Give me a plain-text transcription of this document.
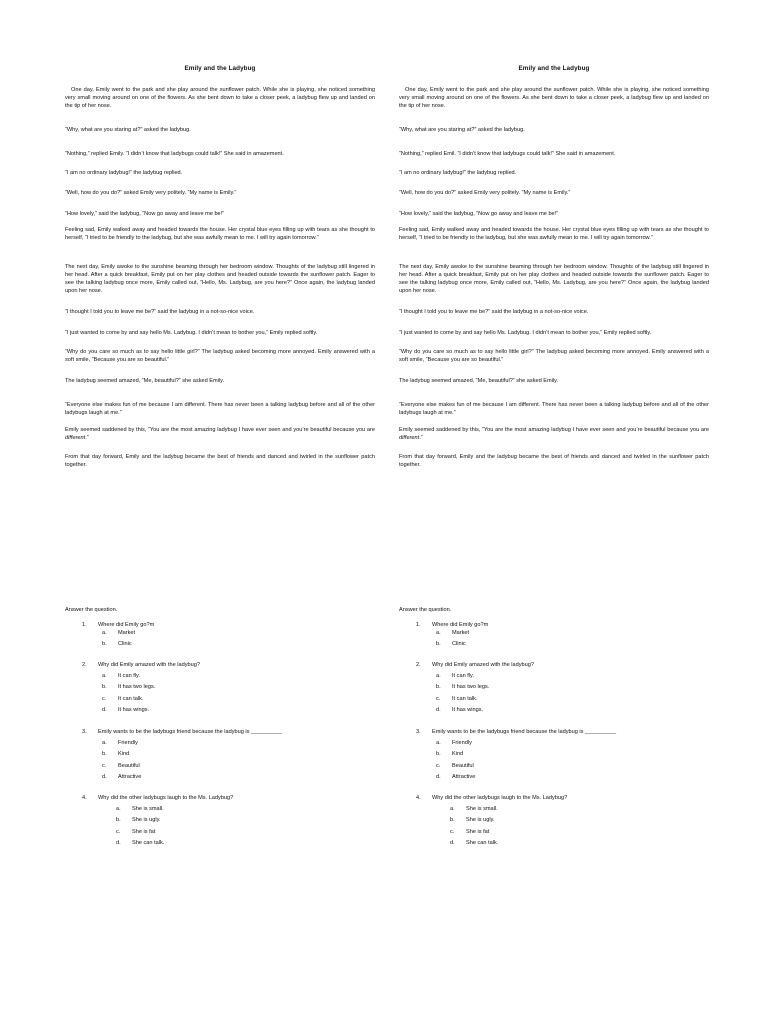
Emily and the Ladybug

One day, Emily went to the park and she play around the sunflower patch. While she is playing, she noticed something very small moving around on one of the flowers. As she bent down to take a closer peek, a ladybug flew up and landed on the tip of her nose.

“Why, what are you staring at?” asked the ladybug.

“Nothing,” replied Emily. “I didn’t know that ladybugs could talk!” She said in amazement.

“I am no ordinary ladybug!” the ladybug replied.

“Well, how do you do?” asked Emily very politely. “My name is Emily.”

“How lovely,” said the ladybug, “Now go away and leave me be!”

Feeling sad, Emily walked away and headed towards the house. Her crystal blue eyes filling up with tears as she thought to herself, “I tried to be friendly to the ladybug, but she was awfully mean to me. I will try again tomorrow.”

The next day, Emily awoke to the sunshine beaming through her bedroom window. Thoughts of the ladybug still lingered in her head. After a quick breakfast, Emily put on her play clothes and headed outside towards the sunflower patch. Eager to see the talking ladybug once more, Emily called out, “Hello, Ms. Ladybug, are you here?” Once again, the ladybug landed upon her nose.

“I thought I told you to leave me be?” said the ladybug in a not-so-nice voice.

“I just wanted to come by and say hello Ms. Ladybug. I didn’t mean to bother you,” Emily replied softly.

“Why do you care so much as to say hello little girl?” The ladybug asked becoming more annoyed. Emily answered with a soft smile, “Because you are so beautiful.”

The ladybug seemed amazed, “Me, beautiful?” she asked Emily.

“Everyone else makes fun of me because I am different. There has never been a talking ladybug before and all of the other ladybugs laugh at me.”

Emily seemed saddened by this, “You are the most amazing ladybug I have ever seen and you’re beautiful because you are different.”

From that day forward, Emily and the ladybug became the best of friends and danced and twirled in the sunflower patch together.

Answer the question.
1. Where did Emily go?m
2. Why did Emily amazed with the ladybug?
3. Emily wants to be the ladybugs friend because the ladybug is __________
4. Why did the other ladybugs laugh to the Ms. Ladybug?
a. Market
b. Clinic
a. It can fly.
b. It has two legs.
c. It can talk.
d. It has wings.
a. Friendly
b. Kind
c. Beautiful
d. Attractive
a. She is small.
b. She is ugly.
c. She is fat
d. She can talk.
Emily and the Ladybug

One day, Emily went to the park and she play around the sunflower patch. While she is playing, she noticed something very small moving around on one of the flowers. As she bent down to take a closer peek, a ladybug flew up and landed on the tip of her nose.

“Why, what are you staring at?” asked the ladybug.

“Nothing,” replied Emil. “I didn’t know that ladybugs could talk!” She said in amazement.

“I am no ordinary ladybug!” the ladybug replied.

“Well, how do you do?” asked Emily very politely. “My name is Emily.”

“How lovely,” said the ladybug, “Now go away and leave me be!”

Feeling sad, Emily walked away and headed towards the house. Her crystal blue eyes filling up with tears as she thought to herself, “I tried to be friendly to the ladybug, but she was awfully mean to me. I will try again tomorrow.”

The next day, Emily awoke to the sunshine beaming through her bedroom window. Thoughts of the ladybug still lingered in her head. After a quick breakfast, Emily put on her play clothes and headed outside towards the sunflower patch. Eager to see the talking ladybug once more, Emily called out, “Hello, Ms. Ladybug, are you here?” Once again, the ladybug landed upon her nose.

“I thought I told you to leave me be?” said the ladybug in a not-so-nice voice.

“I just wanted to come by and say hello Ms. Ladybug. I didn’t mean to bother you,” Emily replied softly.

“Why do you care so much as to say hello little girl?” The ladybug asked becoming more annoyed. Emily answered with a soft smile, “Because you are so beautiful.”

The ladybug seemed amazed, “Me, beautiful?” she asked Emily.

“Everyone else makes fun of me because I am different. There has never been a talking ladybug before and all of the other ladybugs laugh at me.”

Emily seemed saddened by this, “You are the most amazing ladybug I have ever seen and you’re beautiful because you are different.”

From that day forward, Emily and the ladybug became the best of friends and danced and twirled in the sunflower patch together.

Answer the question.
1. Where did Emily go?m
2. Why did Emily amazed with the ladybug?
3. Emily wants to be the ladybugs friend because the ladybug is __________
4. Why did the other ladybugs laugh to the Ms. Ladybug?
a. Market
b. Clinic
a. It can fly.
b. It has two legs.
c. It can talk.
d. It has wings.
a. Friendly
b. Kind
c. Beautiful
d. Attractive
a. She is small.
b. She is ugly.
c. She is fat
d. She can talk.
